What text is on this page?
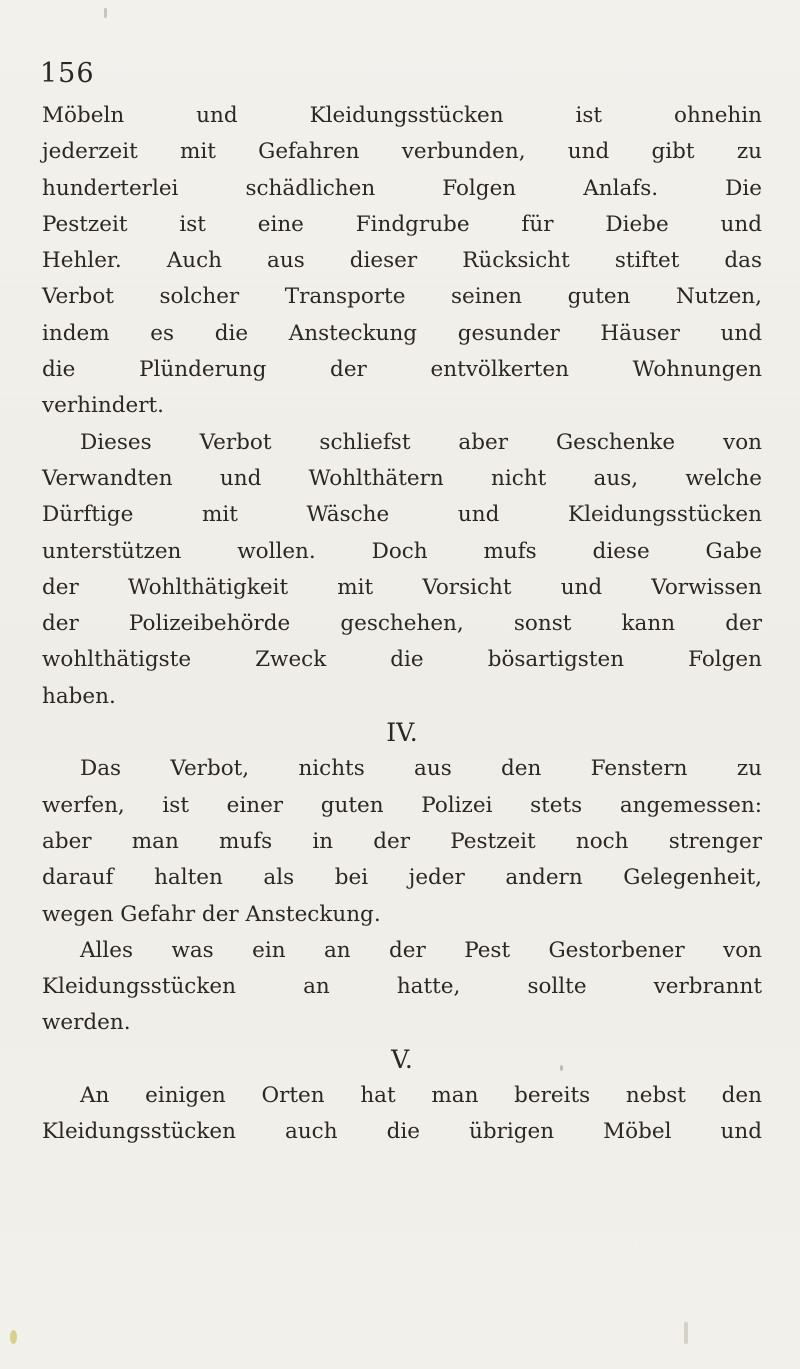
156
Möbeln und Kleidungsstücken ist ohnehin
jederzeit mit Gefahren verbunden, und gibt zu
hunderterlei schädlichen Folgen Anlafs. Die
Pestzeit ist eine Findgrube für Diebe und
Hehler. Auch aus dieser Rücksicht stiftet das
Verbot solcher Transporte seinen guten Nutzen,
indem es die Ansteckung gesunder Häuser und
die Plünderung der entvölkerten Wohnungen
verhindert.
Dieses Verbot schliefst aber Geschenke von
Verwandten und Wohlthätern nicht aus, welche
Dürftige mit Wäsche und Kleidungsstücken
unterstützen wollen. Doch mufs diese Gabe
der Wohlthätigkeit mit Vorsicht und Vorwissen
der Polizeibehörde geschehen, sonst kann der
wohlthätigste Zweck die bösartigsten Folgen
haben.
IV.
Das Verbot, nichts aus den Fenstern zu
werfen, ist einer guten Polizei stets angemessen:
aber man mufs in der Pestzeit noch strenger
darauf halten als bei jeder andern Gelegenheit,
wegen Gefahr der Ansteckung.
Alles was ein an der Pest Gestorbener von
Kleidungsstücken an hatte, sollte verbrannt
werden.
V.
An einigen Orten hat man bereits nebst den
Kleidungsstücken auch die übrigen Möbel und
